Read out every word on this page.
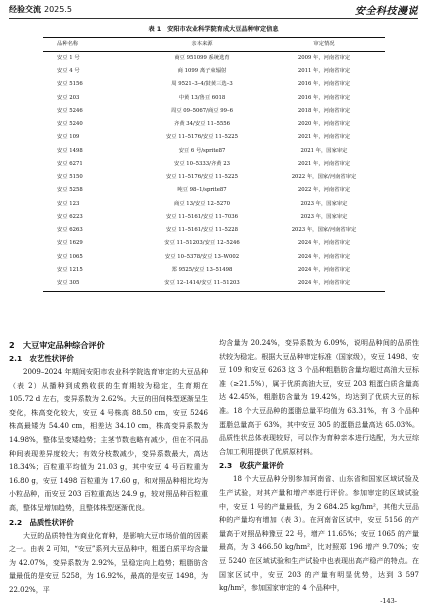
经验交流 2025.5	安全科技漫说
表 1 安阳市农业科学院育成大豆品种审定信息
品种名称	亲本来源	审定情况
安豆 1 号	商豆 951099 系统选育	2009 年，河南省审定
安豆 4 号	商 1099 离子束辐射	2011 年，河南省审定
安豆 5156	周 9521–3–4/鼓黄三选–3	2016 年，河南省审定
安豆 203	中黄 13/鲁豆 6018	2016 年，河南省审定
安豆 5246	周豆 09–5067/商豆 99–6	2018 年，河南省审定
安豆 5240	齐黄 34/安豆 11–5556	2020 年，河南省审定
安豆 109	安豆 11–5176/安豆 11–5225	2021 年，河南省审定
安豆 1498	安豆 6 号/sprite87	2021 年，国家审定
安豆 6271	安豆 10–5333/齐黄 23	2021 年，河南省审定
安豆 5150	安豆 11–5176/安豆 11–5225	2022 年，国家/河南省审定
安豆 5258	吨豆 98–1/sprite87	2022 年，河南省审定
安豆 123	商豆 13/安豆 12–5270	2023 年，国家审定
安豆 6223	安豆 11–5161/安豆 11–7036	2023 年，国家审定
安豆 6263	安豆 11–5161/安豆 11–5228	2023 年，国家/河南省审定
安豆 1629	安豆 11–51203/安豆 12–5246	2024 年，河南省审定
安豆 1065	安豆 10–5378/安豆 13–W002	2024 年，河南省审定
安豆 1215	郑 9525/安豆 13–51498	2024 年，河南省审定
安豆 305	安豆 12–1414/安豆 11–51203	2024 年，河南省审定
2　大豆审定品种综合评价
2.1　农艺性状评价

2009–2024 年期间安阳市农业科学院选育审定的大豆品种（表 2）从播种到成熟收获的生育期较为稳定，生育期在 105.72 d 左右，变异系数为 2.62%。大豆的田间株型逐渐呈生变化，株高变化较大，安豆 4 号株高 88.50 cm，安豆 5246 株高最矮为 54.40 cm，相差达 34.10 cm，株高变异系数为 14.98%，整体呈变矮趋势；主茎节数也略有减少，但在不同品种间表现差异度较大；有效分枝数减少，变异系数最大，高达 18.34%；百粒重平均值为 21.03 g，其中安豆 4 号百粒重为 16.80 g，安豆 1498 百粒重为 17.60 g，和对照品种相比均为小粒品种，而安豆 203 百粒重高达 24.9 g，较对照品种百粒重高，整体呈增加趋势，且整体株型逐渐优良。

2.2　品质性状评价

大豆的品质特性为商业化育种，是影响大豆市场价值的因素之一。由表 2 可知，“安豆”系列大豆品种中，粗蛋白质平均含量为 42.07%，变异系数为 2.92%，呈稳定向上趋势；粗脂肪含量最低的是安豆 5258，为 16.92%，最高的是安豆 1498，为 22.02%，平

均含量为 20.24%，变异系数为 6.09%，说明品种间的品质性状较为稳定。根据大豆品种审定标准（国家级），安豆 1498、安豆 109 和安豆 6263 这 3 个品种粗脂肪含量均超过高油大豆标准（≥21.5%），属于优质高油大豆，安豆 203 粗蛋白质含量高达 42.45%，粗脂肪含量为 19.42%，均达到了优质大豆的标准。18 个大豆品种的蛋脂总量平均值为 63.31%，有 3 个品种蛋脂总量高于 63%，其中安豆 305 的蛋脂总量高达 65.03%。品质性状总体表现较好，可以作为育种亲本进行选配，为大豆综合加工利用提供了优质原材料。

2.3　收获产量评价

18 个大豆品种分别参加河南省、山东省和国家区域试验及生产试验，对其产量和增产率进行评价。参加审定的区域试验中，安豆 1 号的产量最低，为 2 684.25 kg/hm²，其他大豆品种的产量均有增加（表 3）。在河南省区试中，安豆 5156 的产量高于对照品种豫豆 22 号，增产 11.65%；安豆 1065 的产量最高，为 3 466.50 kg/hm²，比对照郑 196 增产 9.70%；安豆 5240 在区域试验和生产试验中也表现出高产稳产的特点。在国家区试中，安豆 203 的产量有明显优势，达到 3 597 kg/hm²，参加国家审定的 4 个品种中，

-143-
